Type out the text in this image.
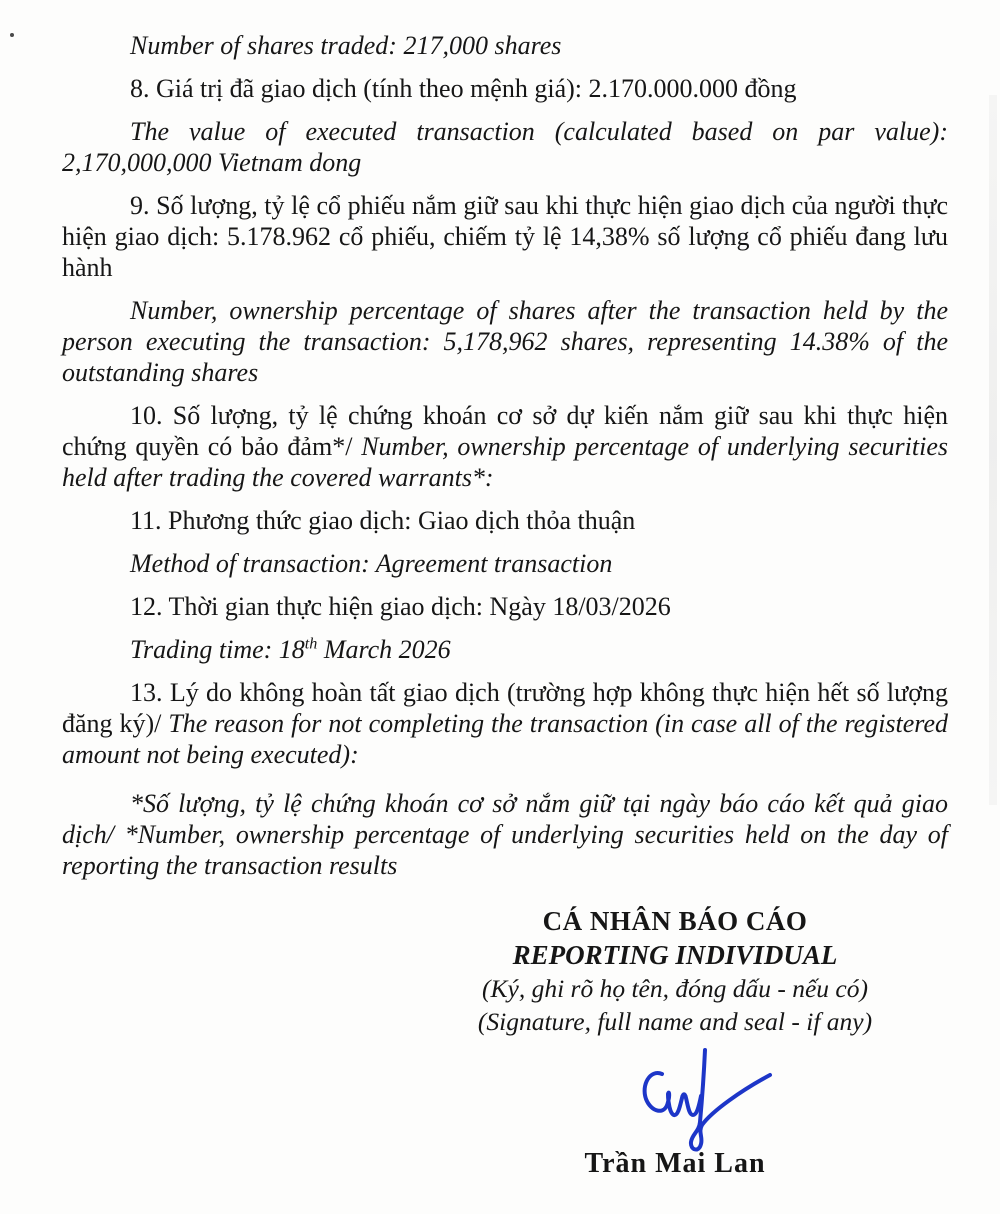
Number of shares traded: 217,000 shares

8. Giá trị đã giao dịch (tính theo mệnh giá): 2.170.000.000 đồng

The value of executed transaction (calculated based on par value): 2,170,000,000 Vietnam dong

9. Số lượng, tỷ lệ cổ phiếu nắm giữ sau khi thực hiện giao dịch của người thực hiện giao dịch: 5.178.962 cổ phiếu, chiếm tỷ lệ 14,38% số lượng cổ phiếu đang lưu hành

Number, ownership percentage of shares after the transaction held by the person executing the transaction: 5,178,962 shares, representing 14.38% of the outstanding shares

10. Số lượng, tỷ lệ chứng khoán cơ sở dự kiến nắm giữ sau khi thực hiện chứng quyền có bảo đảm*/ Number, ownership percentage of underlying securities held after trading the covered warrants*:

11. Phương thức giao dịch: Giao dịch thỏa thuận

Method of transaction: Agreement transaction

12. Thời gian thực hiện giao dịch: Ngày 18/03/2026

Trading time: 18th March 2026

13. Lý do không hoàn tất giao dịch (trường hợp không thực hiện hết số lượng đăng ký)/ The reason for not completing the transaction (in case all of the registered amount not being executed):

*Số lượng, tỷ lệ chứng khoán cơ sở nắm giữ tại ngày báo cáo kết quả giao dịch/ *Number, ownership percentage of underlying securities held on the day of reporting the transaction results

CÁ NHÂN BÁO CÁO
REPORTING INDIVIDUAL
(Ký, ghi rõ họ tên, đóng dấu - nếu có)
(Signature, full name and seal - if any)
Trần Mai Lan
